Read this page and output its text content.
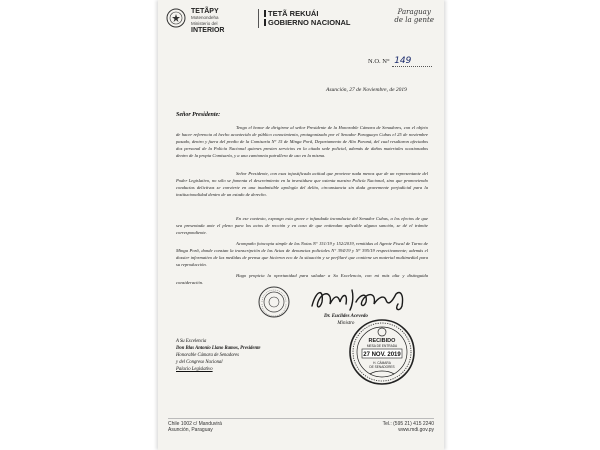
TETÃPY
Motenondeha
Ministerio del
INTERIOR
TETÃ REKUÁI
GOBIERNO NACIONAL
Paraguay
de la gente
N.O. N° 149
Asunción, 27 de Noviembre, de 2019
Señor Presidente:
Tengo el honor de dirigirme al señor Presidente de la Honorable Cámara de Senadores, con el objeto de hacer referencia al hecho acontecido de público conocimiento, protagonizado por el Senador Paraguayo Cubas el 25 de noviembre pasado, dentro y fuera del predio de la Comisaría N° 15 de Minga Porã, Departamento de Alto Paraná, del cual resultaron afectados dos personal de la Policía Nacional quienes presten servicios en la citada sede policial, además de daños materiales ocasionados dentro de la propia Comisaría, y a una camioneta patrullera de uso en la misma.
Señor Presidente, con esas injustificada actitud que proviene nada menos que de un representante del Poder Legislativo, no sólo se fomenta el descreimiento en la investidura que ostenta nuestra Policía Nacional, sino que promoviendo conductas delictivas se convierte en una inadmisible apología del delito, circunstancia sin duda gravemente perjudicial para la institucionalidad dentro de un estado de derecho.
En ese contexto, expongo esta grave e infundada inconducta del Senador Cubas, a los efectos de que sea presentada ante el pleno para los actos de rección y en caso de que entiendan aplicable alguna sanción, se dé el trámite correspondiente.
Acompaño fotocopia simple de las Notas N° 151/19 y 152/2019, remitidas al Agente Fiscal de Turno de Minga Porã, donde constan la transcripción de las Actas de denuncias policiales N° 394/19 y N° 395/19 respectivamente; además el dossier informativo de las medidas de prensa que hicieron eco de la situación y se perfilaré que contiene un material multimedial para su reproducción.
Hago propicia la oportunidad para saludar a Su Excelencia, con mi más alta y distinguida consideración.
Dr. Euclides Acevedo
Ministro
A Su Excelencia
Don Blas Antonio Llano Ramos, Presidente
Honorable Cámara de Senadores
y del Congreso Nacional
Palacio Legislativo
RECIBIDO
MESA DE ENTRADA
27 NOV. 2019
H. CÁMARA
DE SENADORES
Chile 1002 c/ Manduvirá
Asunción, Paraguay
Tel.: (595 21) 415 2240
www.mdi.gov.py
